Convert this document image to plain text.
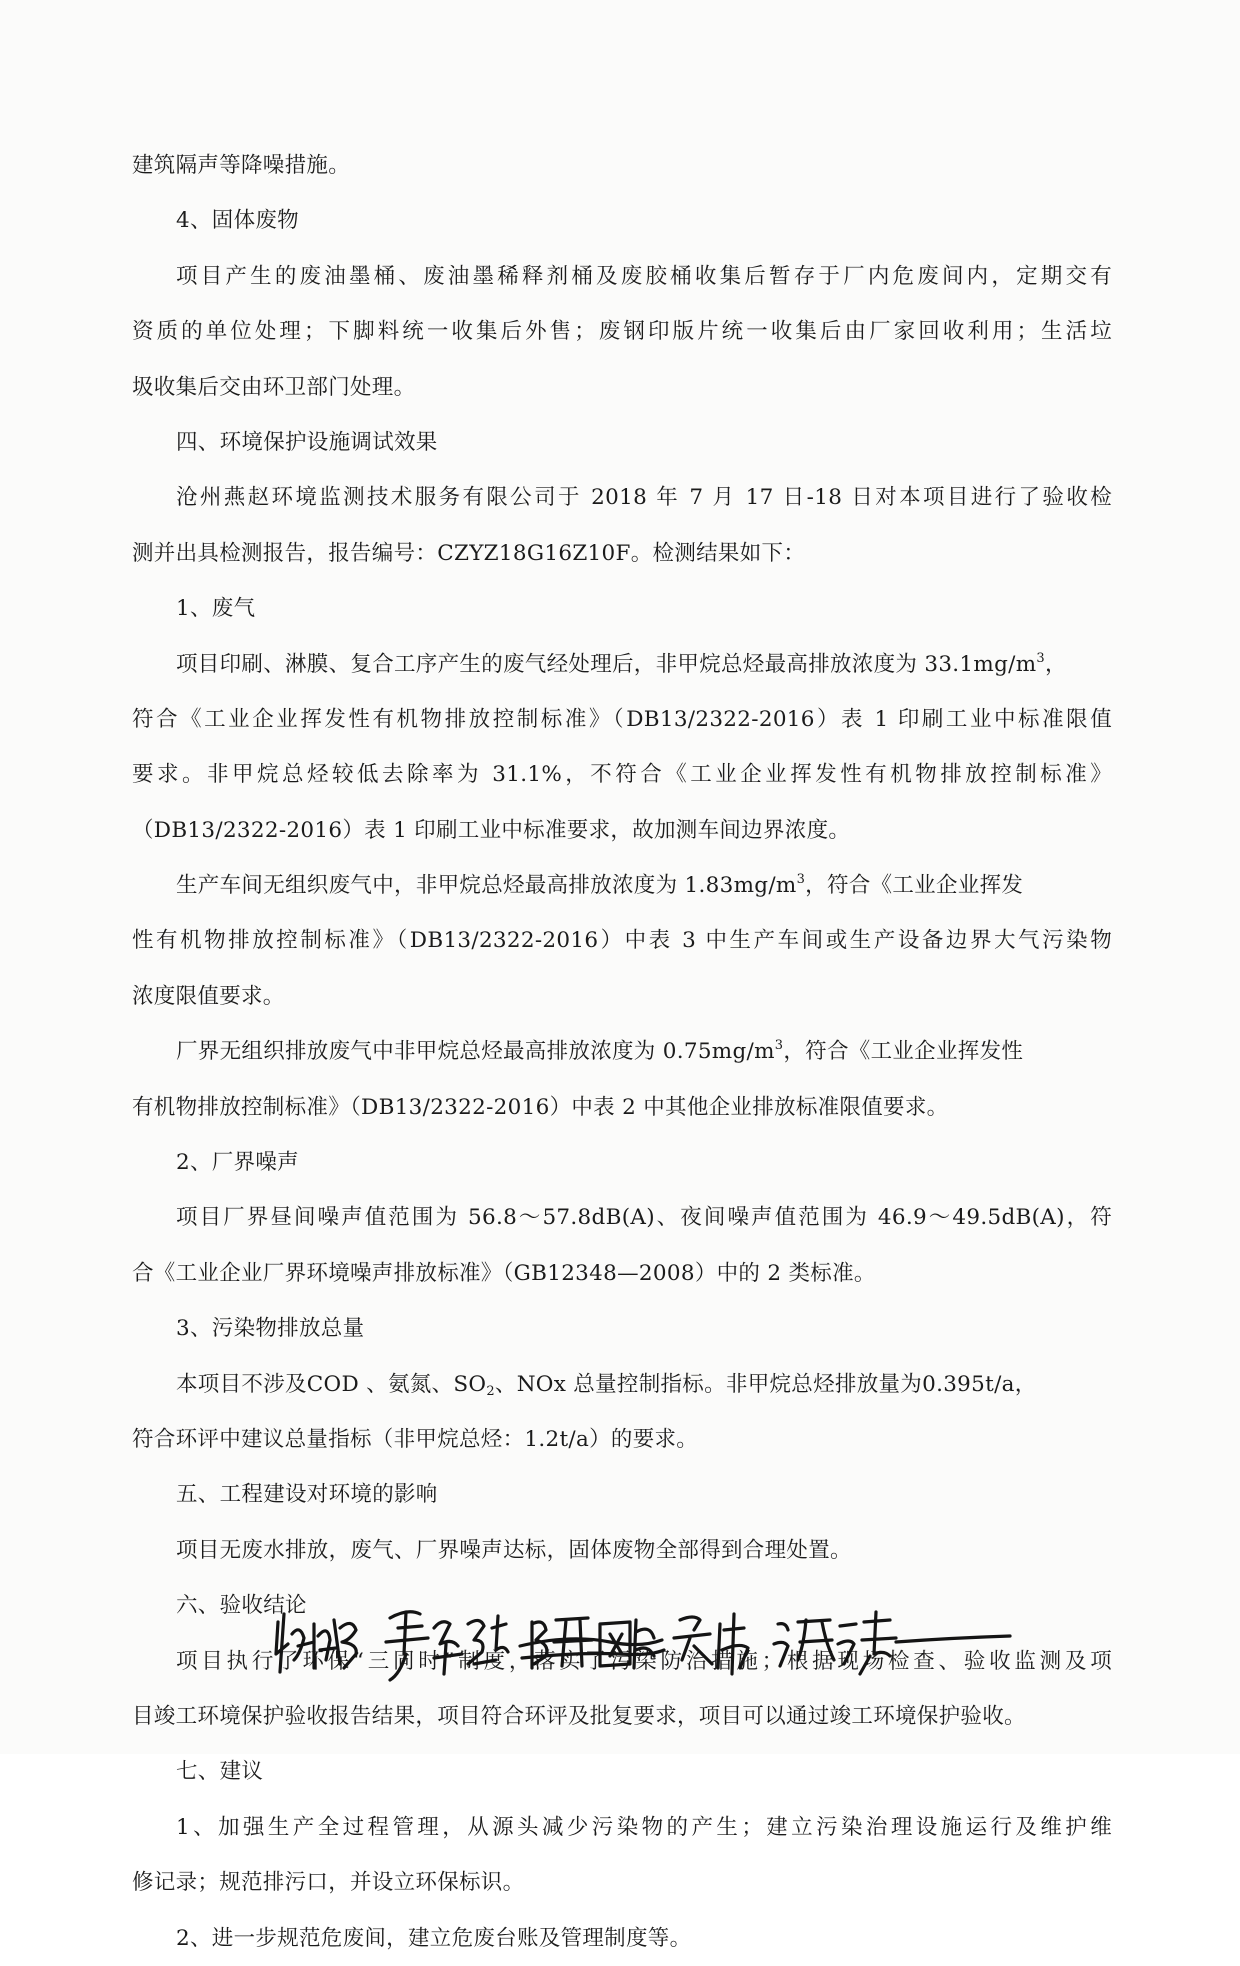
建筑隔声等降噪措施。
4、固体废物
项目产生的废油墨桶、废油墨稀释剂桶及废胶桶收集后暂存于厂内危废间内，定期交有
资质的单位处理；下脚料统一收集后外售；废钢印版片统一收集后由厂家回收利用；生活垃
圾收集后交由环卫部门处理。
四、环境保护设施调试效果
沧州燕赵环境监测技术服务有限公司于 2018 年 7 月 17 日-18 日对本项目进行了验收检
测并出具检测报告，报告编号：CZYZ18G16Z10F。检测结果如下：
1、废气
项目印刷、淋膜、复合工序产生的废气经处理后，非甲烷总烃最高排放浓度为 $33.1mg/m^3$，
符合《工业企业挥发性有机物排放控制标准》（DB13/2322-2016）表 1 印刷工业中标准限值
要求。非甲烷总烃较低去除率为 31.1%，不符合《工业企业挥发性有机物排放控制标准》
（DB13/2322-2016）表 1 印刷工业中标准要求，故加测车间边界浓度。
生产车间无组织废气中，非甲烷总烃最高排放浓度为 $1.83mg/m^3$，符合《工业企业挥发
性有机物排放控制标准》（DB13/2322-2016）中表 3 中生产车间或生产设备边界大气污染物
浓度限值要求。
厂界无组织排放废气中非甲烷总烃最高排放浓度为 $0.75mg/m^3$，符合《工业企业挥发性
有机物排放控制标准》（DB13/2322-2016）中表 2 中其他企业排放标准限值要求。
2、厂界噪声
项目厂界昼间噪声值范围为 56.8～57.8dB(A)、夜间噪声值范围为 46.9～49.5dB(A)，符
合《工业企业厂界环境噪声排放标准》（GB12348—2008）中的 2 类标准。
3、污染物排放总量
本项目不涉及COD 、氨氮、$SO_2$、NOx 总量控制指标。非甲烷总烃排放量为0.395t/a，
符合环评中建议总量指标（非甲烷总烃：1.2t/a）的要求。
五、工程建设对环境的影响
项目无废水排放，废气、厂界噪声达标，固体废物全部得到合理处置。
六、验收结论
项目执行了环保“三同时”制度，落实了污染防治措施；根据现场检查、验收监测及项
目竣工环境保护验收报告结果，项目符合环评及批复要求，项目可以通过竣工环境保护验收。
七、建议
1、加强生产全过程管理，从源头减少污染物的产生；建立污染治理设施运行及维护维
修记录；规范排污口，并设立环保标识。
2、进一步规范危废间，建立危废台账及管理制度等。
